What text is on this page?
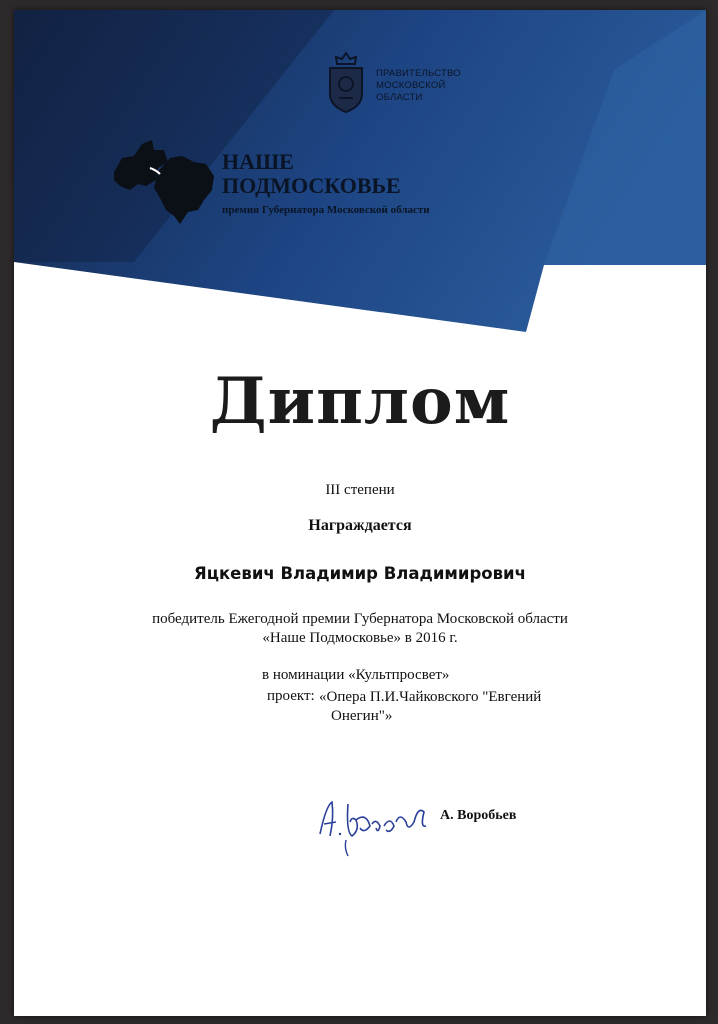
ПРАВИТЕЛЬСТВО
МОСКОВСКОЙ
ОБЛАСТИ
НАШЕ
ПОДМОСКОВЬЕ
премия Губернатора Московской области
Диплом
III степени
Награждается
Яцкевич Владимир Владимирович
победитель Ежегодной премии Губернатора Московской области
«Наше Подмосковье» в 2016 г.
в номинации «Культпросвет»
проект: «Опера П.И.Чайковского "Евгений
Онегин"»
А. Воробьев
